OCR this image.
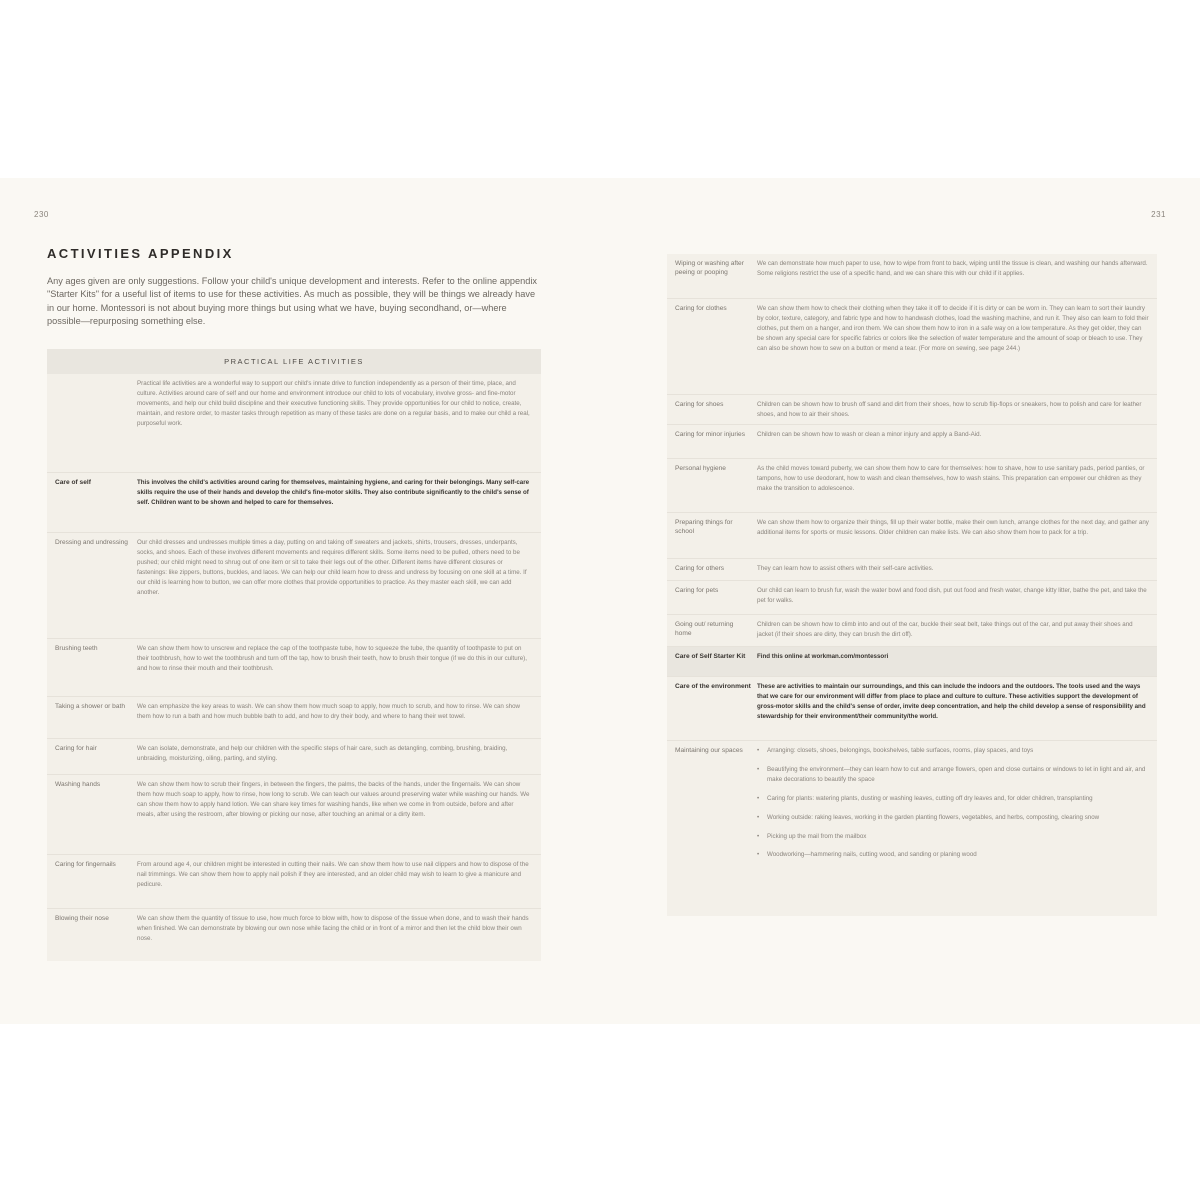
230
ACTIVITIES APPENDIX
Any ages given are only suggestions. Follow your child's unique development and interests. Refer to the online appendix "Starter Kits" for a useful list of items to use for these activities. As much as possible, they will be things we already have in our home. Montessori is not about buying more things but using what we have, buying secondhand, or—where possible—repurposing something else.
PRACTICAL LIFE ACTIVITIES
Practical life activities are a wonderful way to support our child's innate drive to function independently as a person of their time, place, and culture. Activities around care of self and our home and environment introduce our child to lots of vocabulary, involve gross- and fine-motor movements, and help our child build discipline and their executive functioning skills. They provide opportunities for our child to notice, create, maintain, and restore order, to master tasks through repetition as many of these tasks are done on a regular basis, and to make our child a real, purposeful work.
Care of self	This involves the child's activities around caring for themselves, maintaining hygiene, and caring for their belongings. Many self-care skills require the use of their hands and develop the child's fine-motor skills. They also contribute significantly to the child's sense of self. Children want to be shown and helped to care for themselves.
Dressing and undressing	Our child dresses and undresses multiple times a day, putting on and taking off sweaters and jackets, shirts, trousers, dresses, underpants, socks, and shoes. Each of these involves different movements and requires different skills. Some items need to be pulled, others need to be pushed; our child might need to shrug out of one item or sit to take their legs out of the other. Different items have different closures or fastenings: like zippers, buttons, buckles, and laces. We can help our child learn how to dress and undress by focusing on one skill at a time. If our child is learning how to button, we can offer more clothes that provide opportunities to practice. As they master each skill, we can add another.
Brushing teeth	We can show them how to unscrew and replace the cap of the toothpaste tube, how to squeeze the tube, the quantity of toothpaste to put on their toothbrush, how to wet the toothbrush and turn off the tap, how to brush their teeth, how to brush their tongue (if we do this in our culture), and how to rinse their mouth and their toothbrush.
Taking a shower or bath	We can emphasize the key areas to wash. We can show them how much soap to apply, how much to scrub, and how to rinse. We can show them how to run a bath and how much bubble bath to add, and how to dry their body, and where to hang their wet towel.
Caring for hair	We can isolate, demonstrate, and help our children with the specific steps of hair care, such as detangling, combing, brushing, braiding, unbraiding, moisturizing, oiling, parting, and styling.
Washing hands	We can show them how to scrub their fingers, in between the fingers, the palms, the backs of the hands, under the fingernails. We can show them how much soap to apply, how to rinse, how long to scrub. We can teach our values around preserving water while washing our hands. We can show them how to apply hand lotion. We can share key times for washing hands, like when we come in from outside, before and after meals, after using the restroom, after blowing or picking our nose, after touching an animal or a dirty item.
Caring for fingernails	From around age 4, our children might be interested in cutting their nails. We can show them how to use nail clippers and how to dispose of the nail trimmings. We can show them how to apply nail polish if they are interested, and an older child may wish to learn to give a manicure and pedicure.
Blowing their nose	We can show them the quantity of tissue to use, how much force to blow with, how to dispose of the tissue when done, and to wash their hands when finished. We can demonstrate by blowing our own nose while facing the child or in front of a mirror and then let the child blow their own nose.
231
Wiping or washing after peeing or pooping
We can demonstrate how much paper to use, how to wipe from front to back, wiping until the tissue is clean, and washing our hands afterward. Some religions restrict the use of a specific hand, and we can share this with our child if it applies.
Caring for clothes	We can show them how to check their clothing when they take it off to decide if it is dirty or can be worn in. They can learn to sort their laundry by color, texture, category, and fabric type and how to handwash clothes, load the washing machine, and run it. They also can learn to fold their clothes, put them on a hanger, and iron them. We can show them how to iron in a safe way on a low temperature. As they get older, they can be shown any special care for specific fabrics or colors like the selection of water temperature and the amount of soap or bleach to use. They can also be shown how to sew on a button or mend a tear. (For more on sewing, see page 244.)
Caring for shoes	Children can be shown how to brush off sand and dirt from their shoes, how to scrub flip-flops or sneakers, how to polish and care for leather shoes, and how to air their shoes.
Caring for minor injuries	Children can be shown how to wash or clean a minor injury and apply a Band-Aid.
Personal hygiene	As the child moves toward puberty, we can show them how to care for themselves: how to shave, how to use sanitary pads, period panties, or tampons, how to use deodorant, how to wash and clean themselves, how to wash stains. This preparation can empower our children as they make the transition to adolescence.
Preparing things for school
We can show them how to organize their things, fill up their water bottle, make their own lunch, arrange clothes for the next day, and gather any additional items for sports or music lessons. Older children can make lists. We can also show them how to pack for a trip.
Caring for others	They can learn how to assist others with their self-care activities.
Caring for pets	Our child can learn to brush fur, wash the water bowl and food dish, put out food and fresh water, change kitty litter, bathe the pet, and take the pet for walks.
Going out/ returning home
Children can be shown how to climb into and out of the car, buckle their seat belt, take things out of the car, and put away their shoes and jacket (if their shoes are dirty, they can brush the dirt off).
Care of Self Starter Kit	Find this online at workman.com/montessori
Care of the environment These are activities to maintain our surroundings, and this can include the indoors and the outdoors. The tools used and the ways that we care for our environment will differ from place to place and culture to culture. These activities support the development of gross-motor skills and the child's sense of order, invite deep concentration, and help the child develop a sense of responsibility and stewardship for their environment/their community/the world.
Maintaining our spaces
•	Arranging: closets, shoes, belongings, bookshelves, table surfaces, rooms, play spaces, and toys
• Beautifying the environment—they can learn how to cut and arrange flowers, open and close curtains or windows to let in light and air, and make decorations to beautify the space
• Caring for plants: watering plants, dusting or washing leaves, cutting off dry leaves and, for older children, transplanting
• Working outside: raking leaves, working in the garden planting flowers, vegetables, and herbs, composting, clearing snow
• Picking up the mail from the mailbox
• Woodworking—hammering nails, cutting wood, and sanding or planing wood
